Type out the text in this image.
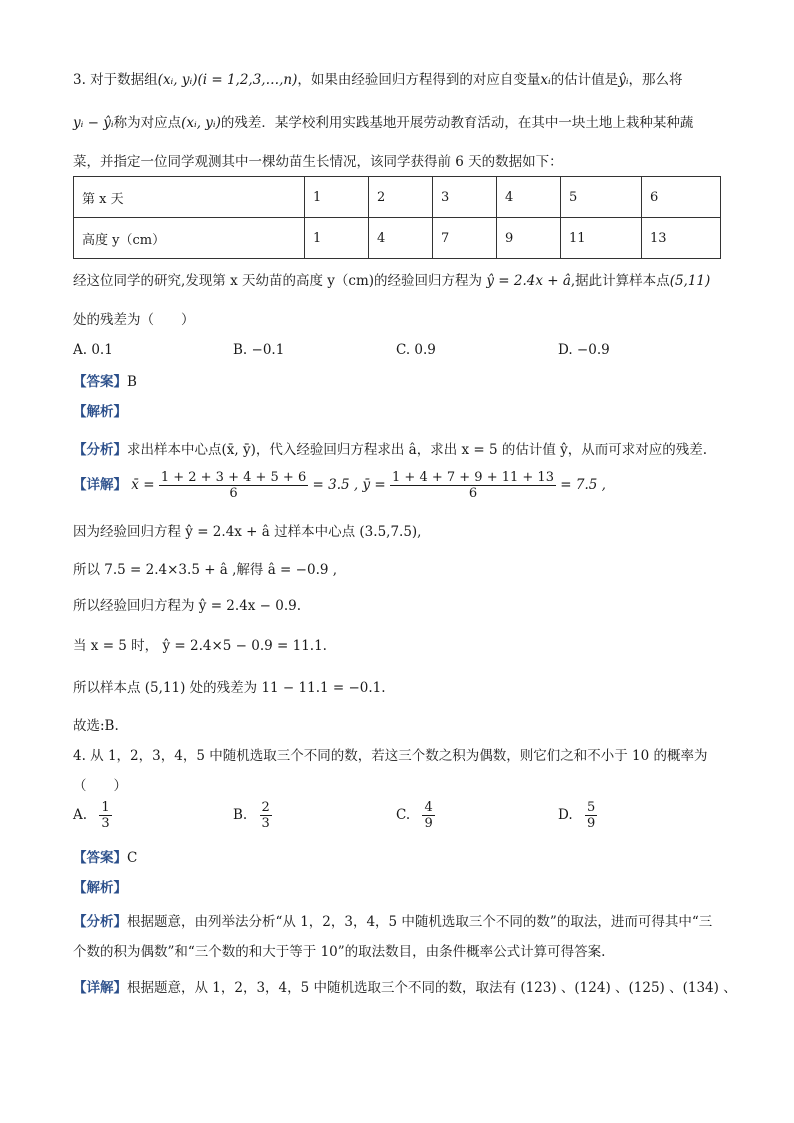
3. 对于数据组(xᵢ, yᵢ)(i = 1,2,3,…,n)，如果由经验回归方程得到的对应自变量xᵢ的估计值是ŷᵢ，那么将
yᵢ − ŷᵢ称为对应点(xᵢ, yᵢ)的残差．某学校利用实践基地开展劳动教育活动，在其中一块土地上栽种某种蔬
菜，并指定一位同学观测其中一棵幼苗生长情况，该同学获得前 6 天的数据如下：
第 x 天	1	2	3	4	5	6
高度 y（cm）	1	4	7	9	11	13
经这位同学的研究,发现第 x 天幼苗的高度 y（cm)的经验回归方程为 ŷ = 2.4x + â,据此计算样本点(5,11)
处的残差为（　　）
A. 0.1	B. −0.1	C. 0.9	D. −0.9
【答案】B
【解析】
【分析】求出样本中心点(x̄, ȳ)，代入经验回归方程求出 â，求出 x = 5 的估计值 ŷ，从而可求对应的残差.
【详解】 x̄ = $\frac{1 + 2 + 3 + 4 + 5 + 6}{6} = 3.5$ , ȳ = $\frac{1 + 4 + 7 + 9 + 11 + 13}{6} = 7.5$ ,
因为经验回归方程 ŷ = 2.4x + â 过样本中心点 (3.5,7.5),
所以 7.5 = 2.4×3.5 + â ,解得 â = −0.9 ,
所以经验回归方程为 ŷ = 2.4x − 0.9.
当 x = 5 时， ŷ = 2.4×5 − 0.9 = 11.1.
所以样本点 (5,11) 处的残差为 11 − 11.1 = −0.1.
故选:B.
4. 从 1，2，3，4，5 中随机选取三个不同的数，若这三个数之积为偶数，则它们之和不小于 10 的概率为
（　　）
A. $\frac{1}{3}$	B. $\frac{2}{3}$	C. $\frac{4}{9}$	D. $\frac{5}{9}$
【答案】C
【解析】
【分析】根据题意，由列举法分析“从 1，2，3，4，5 中随机选取三个不同的数”的取法，进而可得其中“三
个数的积为偶数”和“三个数的和大于等于 10”的取法数目，由条件概率公式计算可得答案.
【详解】根据题意，从 1，2，3，4，5 中随机选取三个不同的数，取法有 (123) 、(124) 、(125) 、(134) 、
